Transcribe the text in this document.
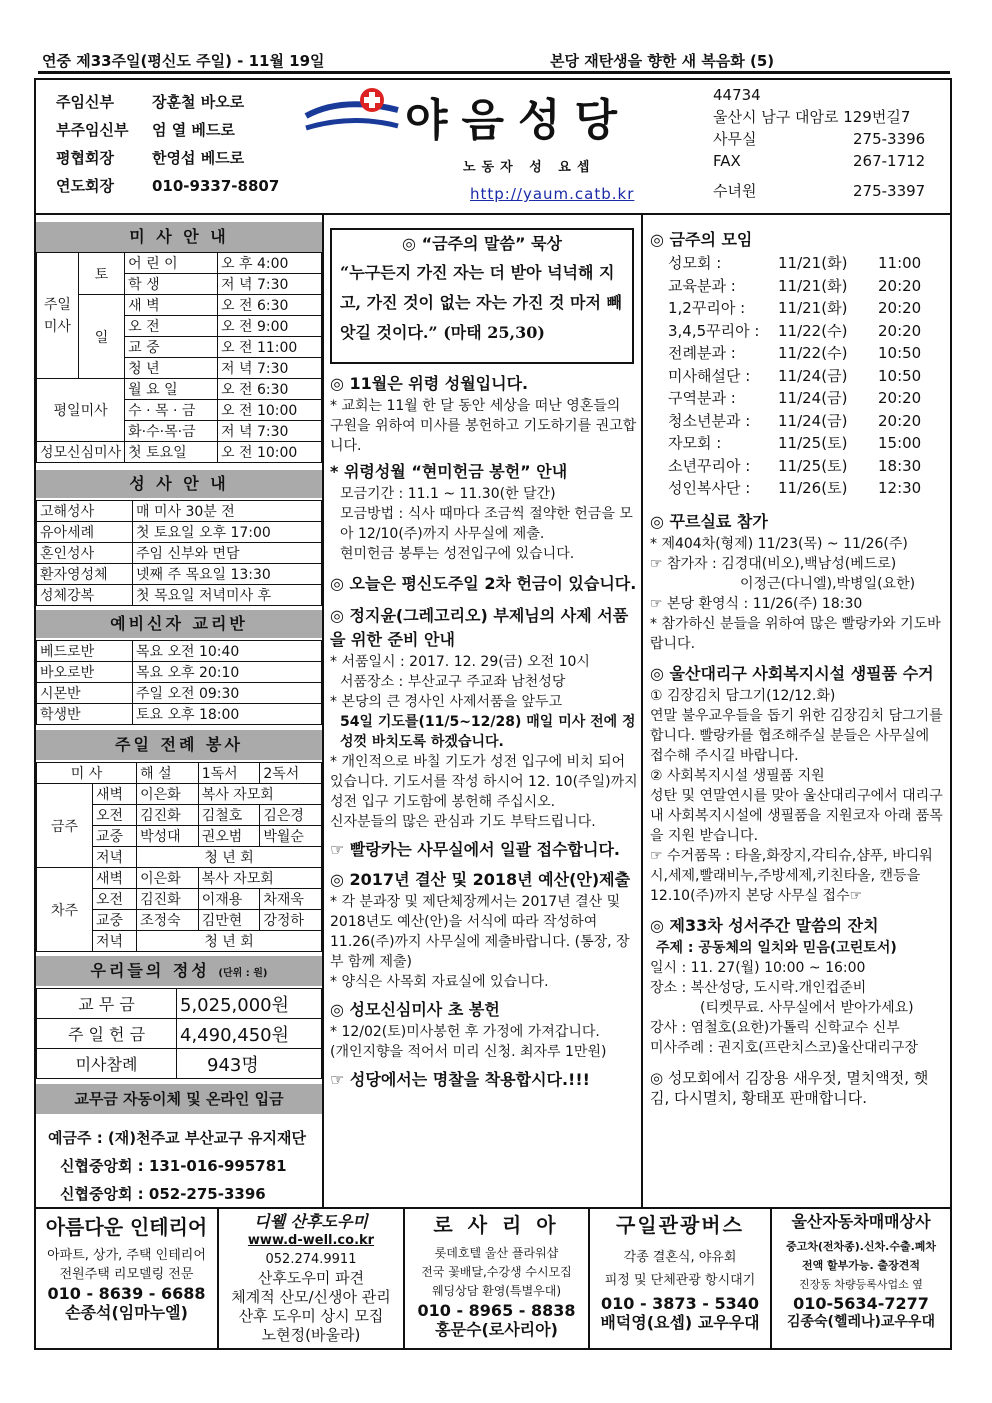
연중 제33주일(평신도 주일) - 11월 19일	본당 재탄생을 향한 새 복음화 (5)
주임신부	장훈철 바오로
부주임신부 엄 열 베드로
평협회장	한영섭 베드로
연도회장	010-9337-8807
야음성당
노동자 성 요셉
http://yaum.catb.kr
44734
울산시 남구 대암로 129번길7
사무실	275-3396
FAX	267-1712
수녀원	275-3397
미 사 안 내
주일미사	토	어 린 이	오 후 4:00
		학 생	저 녁 7:30
	일	새 벽	오 전 6:30
		오 전	오 전 9:00
		교 중	오 전 11:00
		청 년	저 녁 7:30
평일미사		월 요 일	오 전 6:30
		수 · 목 · 금	오 전 10:00
		화·수·목·금	저 녁 7:30
성모신심미사		첫 토요일	오 전 10:00
성 사 안 내
고해성사	매 미사 30분 전
유아세례	첫 토요일 오후 17:00
혼인성사	주임 신부와 면담
환자영성체	넷째 주 목요일 13:30
성체강복	첫 목요일 저녁미사 후
예비신자 교리반
베드로반	목요 오전 10:40
바오로반	목요 오후 20:10
시몬반	주일 오전 09:30
학생반	토요 오후 18:00
주일 전례 봉사
미 사		해 설	1독서	2독서
금주	새벽	이은화	복사 자모회	
	오전	김진화	김철호	김은경
	교중	박성대	권오범	박월순
	저녁	청 년 회		
차주	새벽	이은화	복사 자모회	
	오전	김진화	이재용	차재욱
	교중	조정숙	김만현	강정하
	저녁	청 년 회		
우리들의 정성 (단위 : 원)
교 무 금	5,025,000원
주 일 헌 금	4,490,450원
미사참례	943명
교무금 자동이체 및 온라인 입금
예금주 : (재)천주교 부산교구 유지재단
신협중앙회 : 131-016-995781
신협중앙회 : 052-275-3396
◎ “금주의 말씀” 묵상
“누구든지 가진 자는 더 받아 넉넉해 지고, 가진 것이 없는 자는 가진 것 마저 빼앗길 것이다.” (마태 25,30)
◎ 11월은 위령 성월입니다.
* 교회는 11월 한 달 동안 세상을 떠난 영혼들의 구원을 위하여 미사를 봉헌하고 기도하기를 권고합니다.
* 위령성월 “현미헌금 봉헌” 안내
모금기간 : 11.1 ~ 11.30(한 달간)
모금방법 : 식사 때마다 조금씩 절약한 헌금을 모아 12/10(주)까지 사무실에 제출.
현미헌금 봉투는 성전입구에 있습니다.
◎ 오늘은 평신도주일 2차 헌금이 있습니다.
◎ 정지윤(그레고리오) 부제님의 사제 서품을 위한 준비 안내
* 서품일시 : 2017. 12. 29(금) 오전 10시
서품장소 : 부산교구 주교좌 남천성당
* 본당의 큰 경사인 사제서품을 앞두고
54일 기도를(11/5~12/28) 매일 미사 전에 정성껏 바치도록 하겠습니다.
* 개인적으로 바칠 기도가 성전 입구에 비치 되어 있습니다. 기도서를 작성 하시어 12. 10(주일)까지 성전 입구 기도함에 봉헌해 주십시오.
신자분들의 많은 관심과 기도 부탁드립니다.
☞ 빨랑카는 사무실에서 일괄 접수합니다.
◎ 2017년 결산 및 2018년 예산(안)제출
* 각 분과장 및 제단체장께서는 2017년 결산 및 2018년도 예산(안)을 서식에 따라 작성하여 11.26(주)까지 사무실에 제출바랍니다. (통장, 장부 함께 제출)
* 양식은 사목회 자료실에 있습니다.
◎ 성모신심미사 초 봉헌
* 12/02(토)미사봉헌 후 가정에 가져갑니다.
(개인지향을 적어서 미리 신청. 최자루 1만원)
☞ 성당에서는 명찰을 착용합시다.!!!
◎ 금주의 모임
성모회 :	11/21(화)	11:00
교육분과 :	11/21(화)	20:20
1,2꾸리아 :	11/21(화)	20:20
3,4,5꾸리아 :	11/22(수)	20:20
전례분과 :	11/22(수)	10:50
미사해설단 :	11/24(금)	10:50
구역분과 :	11/24(금)	20:20
청소년분과 :	11/24(금)	20:20
자모회 :	11/25(토)	15:00
소년꾸리아 :	11/25(토)	18:30
성인복사단 :	11/26(토)	12:30
◎ 꾸르실료 참가
* 제404차(형제) 11/23(목) ~ 11/26(주)
☞ 참가자 : 김경대(비오),백남성(베드로)
이정근(다니엘),박병일(요한)
☞ 본당 환영식 : 11/26(주) 18:30
* 참가하신 분들을 위하여 많은 빨랑카와 기도바랍니다.
◎ 울산대리구 사회복지시설 생필품 수거
① 김장김치 담그기(12/12.화)
연말 불우교우들을 돕기 위한 김장김치 담그기를 합니다. 빨랑카를 협조해주실 분들은 사무실에 접수해 주시길 바랍니다.
② 사회복지시설 생필품 지원
성탄 및 연말연시를 맞아 울산대리구에서 대리구내 사회복지시설에 생필품을 지원코자 아래 품목을 지원 받습니다.
☞ 수거품목 : 타올,화장지,각티슈,샴푸, 바디워시,세제,빨래비누,주방세제,키친타올, 캔등을 12.10(주)까지 본당 사무실 접수☞
◎ 제33차 성서주간 말씀의 잔치
주제 : 공동체의 일치와 믿음(고린토서)
일시 : 11. 27(월) 10:00 ~ 16:00
장소 : 복산성당, 도시락.개인컵준비
(티켓무료. 사무실에서 받아가세요)
강사 : 염철호(요한)가톨릭 신학교수 신부
미사주례 : 권지호(프란치스코)울산대리구장
◎ 성모회에서 김장용 새우젓, 멸치액젓, 햇김, 다시멸치, 황태포 판매합니다.
아름다운 인테리어
아파트, 상가, 주택 인테리어
전원주택 리모델링 전문
010 - 8639 - 6688
손종석(임마누엘)
디웰 산후도우미
www.d-well.co.kr
052.274.9911
산후도우미 파견
체계적 산모/신생아 관리
산후 도우미 상시 모집
노현정(바울라)
로 사 리 아
롯데호텔 울산 플라워샵
전국 꽃배달,수강생 수시모집
웨딩상담 환영(특별우대)
010 - 8965 - 8838
홍문수(로사리아)
구일관광버스
각종 결혼식, 야유회
피정 및 단체관광 항시대기
010 - 3873 - 5340
배덕영(요셉) 교우우대
울산자동차매매상사
중고차(전차종).신차.수출.폐차
전액 할부가능. 출장견적
진장동 차량등록사업소 옆
010-5634-7277
김종숙(헬레나)교우우대
